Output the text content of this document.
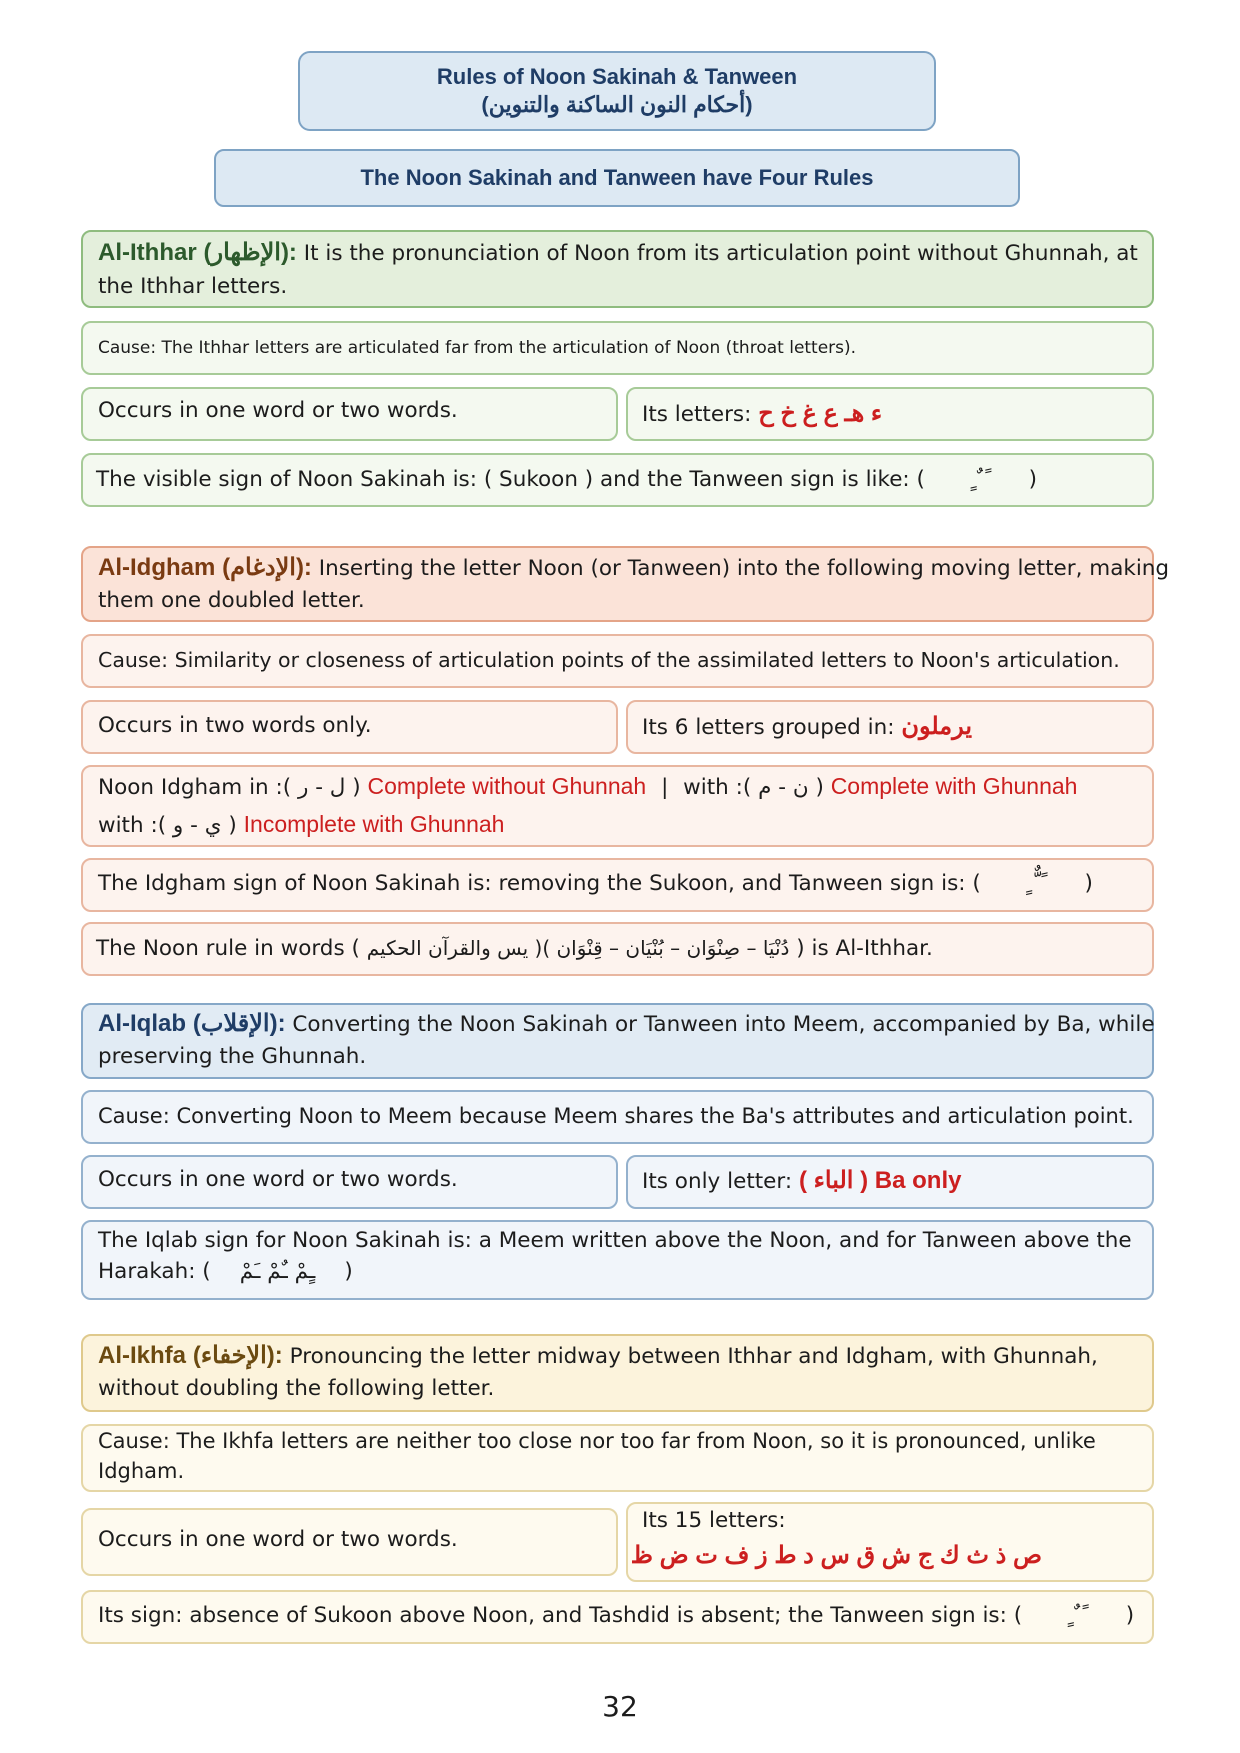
Rules of Noon Sakinah & Tanween
(أحكام النون الساكنة والتنوين)
The Noon Sakinah and Tanween have Four Rules
Al-Ithhar (الإظهار): It is the pronunciation of Noon from its articulation point without Ghunnah, at
the Ithhar letters.
Cause: The Ithhar letters are articulated far from the articulation of Noon (throat letters).
Occurs in one word or two words.	Its letters: ء هـ ع غ خ ح
The visible sign of Noon Sakinah is: ( Sukoon ) and the Tanween sign is like: ( ً ٌ ٍ )
Al-Idgham (الإدغام): Inserting the letter Noon (or Tanween) into the following moving letter, making
them one doubled letter.
Cause: Similarity or closeness of articulation points of the assimilated letters to Noon's articulation.
Occurs in two words only.	Its 6 letters grouped in: يرملون
Noon Idgham in ( ل - ر ): Complete without Ghunnah | with ( ن - م ): Complete with Ghunnah
with ( ي - و ): Incomplete with Ghunnah
The Idgham sign of Noon Sakinah is: removing the Sukoon, and Tanween sign is: ( ً ٌّ ٍ )
The Noon rule in words ( دُنْيَا – صِنْوَان – بُنْيَان – قِنْوَان )( يس والقرآن الحكيم ) is Al-Ithhar.
Al-Iqlab (الإقلاب): Converting the Noon Sakinah or Tanween into Meem, accompanied by Ba, while
preserving the Ghunnah.
Cause: Converting Noon to Meem because Meem shares the Ba's attributes and articulation point.
Occurs in one word or two words.	Its only letter: ( الباء ) Ba only
The Iqlab sign for Noon Sakinah is: a Meem written above the Noon, and for Tanween above the
Harakah: ( ـٍمْ ـٌمْ ـَمْ )
Al-Ikhfa (الإخفاء): Pronouncing the letter midway between Ithhar and Idgham, with Ghunnah,
without doubling the following letter.
Cause: The Ikhfa letters are neither too close nor too far from Noon, so it is pronounced, unlike
Idgham.
Occurs in one word or two words.
Its 15 letters:
ص ذ ث ك ج ش ق س د ط ز ف ت ض ظ
Its sign: absence of Sukoon above Noon, and Tashdid is absent; the Tanween sign is: ( ً ٌ ٍ )
32
